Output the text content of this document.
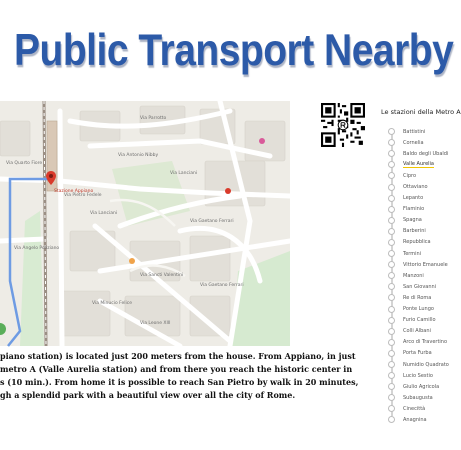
Public Transport Nearby
Via Parrotto
Via Lanciani
Via Pietro Fedele
Via Antonio Nibby
Via Gaetano Ferrari
Stazione Appiano
Via Minucio Felice
Via Sancti Valentini
Via Gaetano Ferrari
Via Quarto Fiore
Via Angelo Poliziano
Via Leone XIII
Via Lanciani
Le stazioni della Metro A
Battistini
Cornelia
Baldo degli Ubaldi
Valle Aurelia
Cipro
Ottaviano
Lepanto
Flaminio
Spagna
Barberini
Repubblica
Termini
Vittorio Emanuele
Manzoni
San Giovanni
Re di Roma
Ponte Lungo
Furio Camillo
Colli Albani
Arco di Travertino
Porta Furba
Numidio Quadrato
Lucio Sestio
Giulio Agricola
Subaugusta
Cinecittà
Anagnina
piano station) is located just 200 meters from the house. From Appiano, in just
metro A (Valle Aurelia station) and from there you reach the historic center in
s (10 min.). From home it is possible to reach San Pietro by walk in 20 minutes,
gh a splendid park with a beautiful view over all the city of Rome.
